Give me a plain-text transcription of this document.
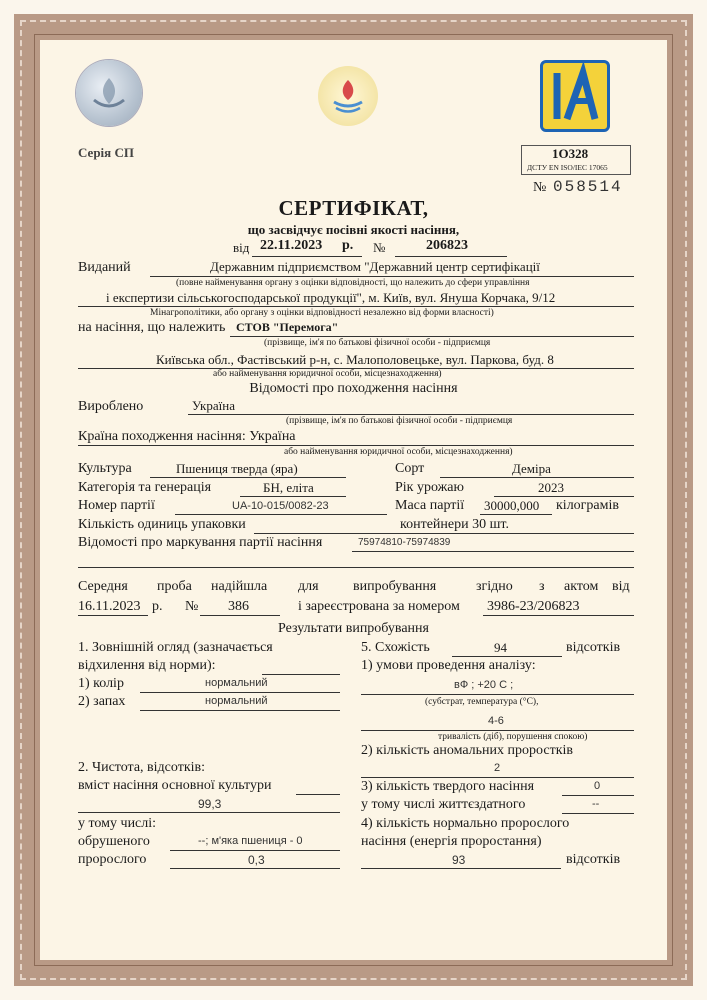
Серія СП	1O328
ДСТУ EN ISO/IEC 17065
№ 058514
СЕРТИФІКАТ,
що засвідчує посівні якості насіння,
від 22.11.2023 р. №	206823
Виданий	Державним підприємством "Державний центр сертифікації
(повне найменування органу з оцінки відповідності, що належить до сфери управління
і експертизи сільськогосподарської продукції", м. Київ, вул. Януша Корчака, 9/12
Мінагрополітики, або органу з оцінки відповідності незалежно від форми власності)
на насіння, що належить СТОВ "Перемога"
(прізвище, ім'я по батькові фізичної особи - підприємця
Київська обл., Фастівський р-н, с. Малополовецьке, вул. Паркова, буд. 8
або найменування юридичної особи, місцезнаходження)
Відомості про походження насіння
Вироблено	Україна
(прізвище, ім'я по батькові фізичної особи - підприємця
Країна походження насіння: Україна
або найменування юридичної особи, місцезнаходження)
Культура	Пшениця тверда (яра)	Сорт	Деміра
Категорія та генерація	БН, еліта	Рік урожаю	2023
Номер партії	UA-10-015/0082-23	Маса партії 30000,000 кілограмів
Кількість одиниць упаковки	контейнери 30 шт.
Відомості про маркування партії насіння	75974810-75974839
Середня проба надійшла для випробування	згідно з актом від
16.11.2023 р. № 386	і зареєстрована за номером 3986-23/206823
Результати випробування
1. Зовнішній огляд (зазначається
відхилення від норми):
1) колір	нормальний
2) запах	нормальний
2. Чистота, відсотків:
вміст насіння основної культури
99,3
у тому числі:
обрушеного	--; м'яка пшениця - 0
пророслого	0,3
5. Схожість	94	відсотків
1) умови проведення аналізу:
вФ ; +20 С ;
(субстрат, температура (°С),
4-6
тривалість (діб), порушення спокою)
2) кількість аномальних проростків
2
3) кількість твердого насіння	0
у тому числі життєздатного	--
4) кількість нормально пророслого
насіння (енергія проростання)
93	відсотків
